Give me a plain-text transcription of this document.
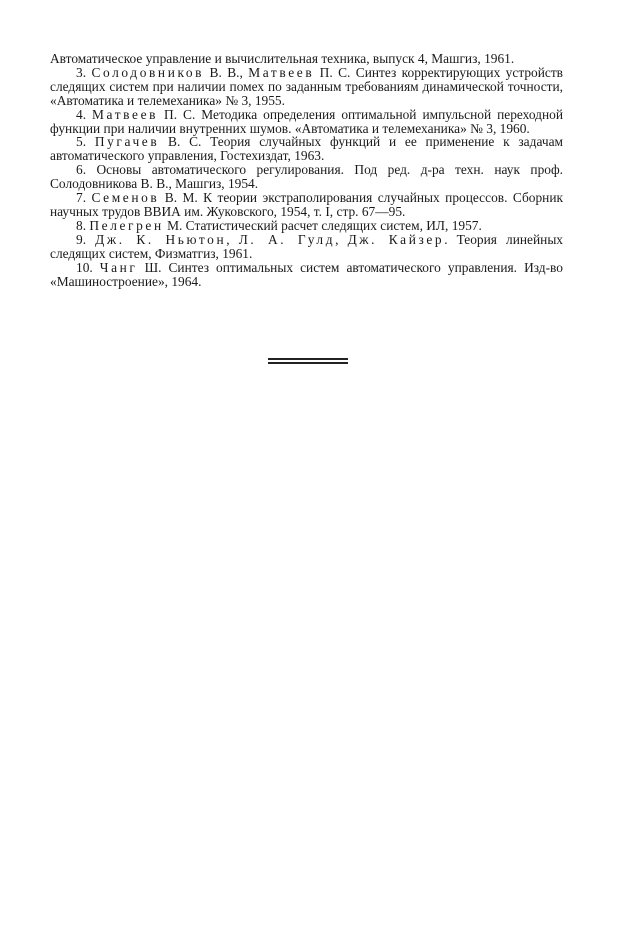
Автоматическое управление и вычислительная техника, выпуск 4, Машгиз, 1961.

3. Солодовников В. В., Матвеев П. С. Синтез корректирующих устройств следящих систем при наличии помех по заданным требованиям динамической точности, «Автоматика и телемеханика» № 3, 1955.

4. Матвеев П. С. Методика определения оптимальной импульсной переходной функции при наличии внутренних шумов. «Автоматика и телемеханика» № 3, 1960.

5. Пугачев В. С. Теория случайных функций и ее применение к задачам автоматического управления, Гостехиздат, 1963.

6. Основы автоматического регулирования. Под ред. д-ра техн. наук проф. Солодовникова В. В., Машгиз, 1954.

7. Семенов В. М. К теории экстраполирования случайных процессов. Сборник научных трудов ВВИА им. Жуковского, 1954, т. I, стр. 67—95.

8. Пелегрен М. Статистический расчет следящих систем, ИЛ, 1957.

9. Дж. К. Ньютон, Л. А. Гулд, Дж. Кайзер. Теория линейных следящих систем, Физматгиз, 1961.

10. Чанг Ш. Синтез оптимальных систем автоматического управления. Изд-во «Машиностроение», 1964.
